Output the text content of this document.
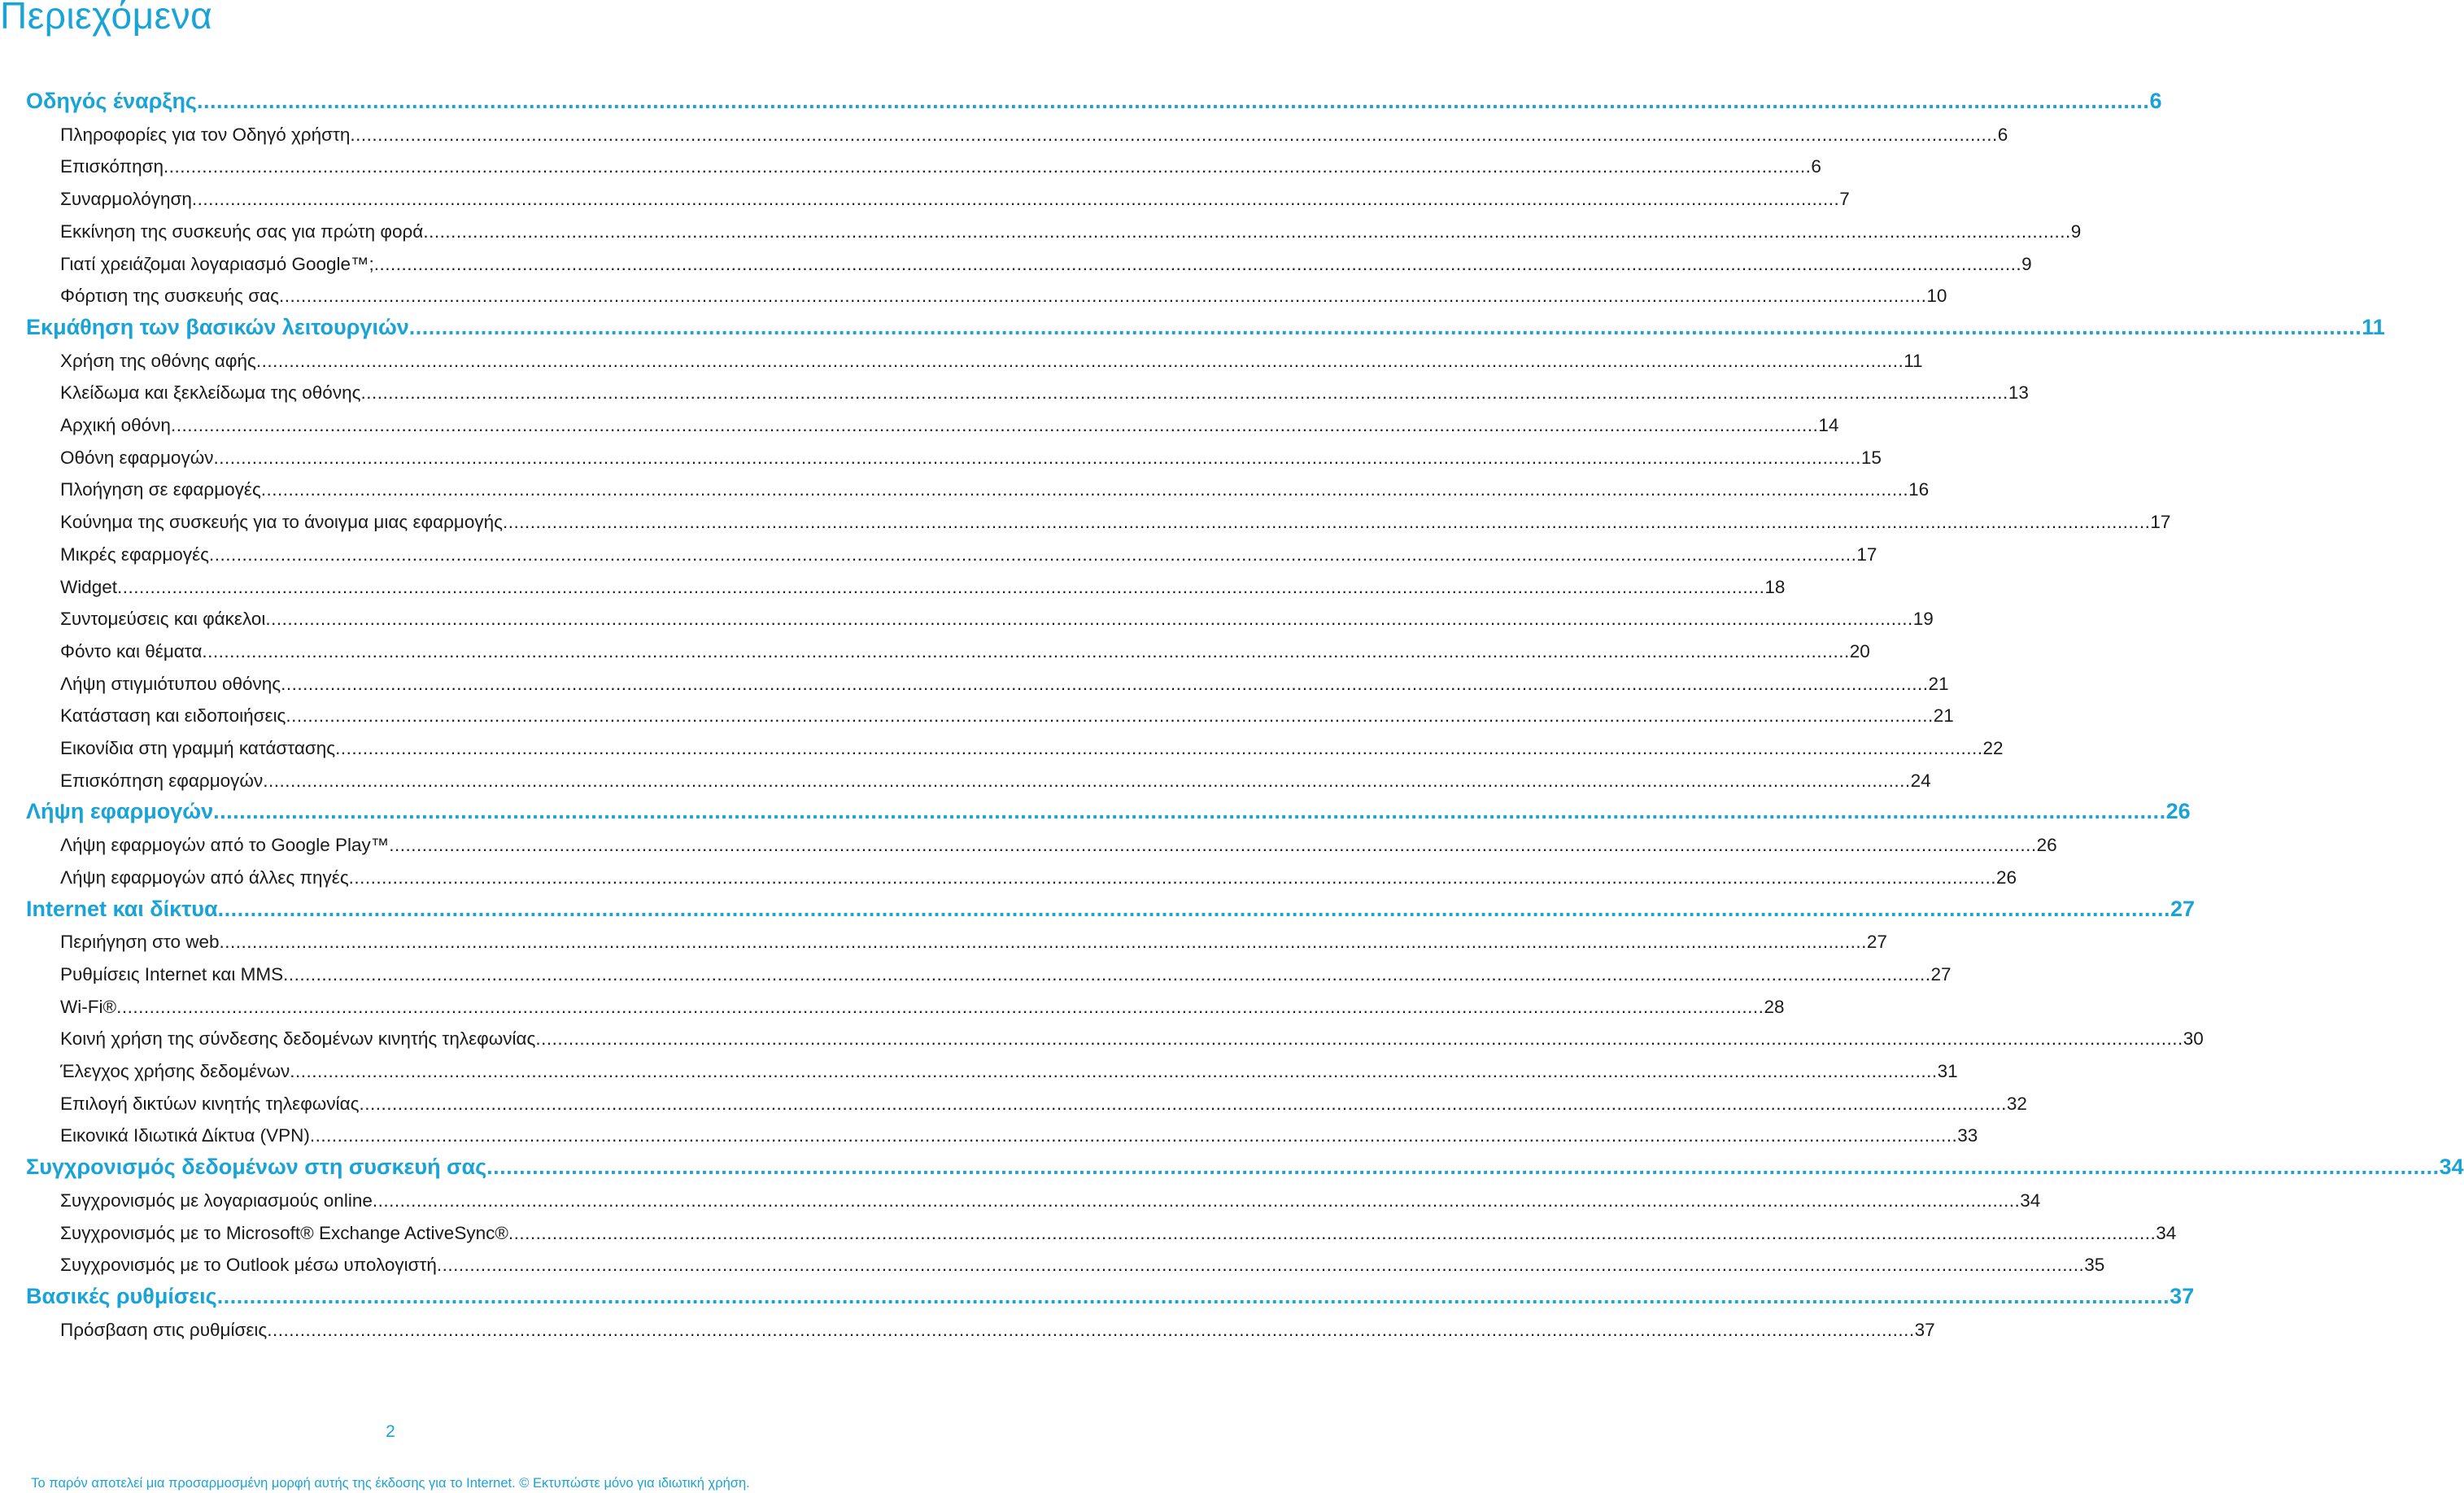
Περιεχόμενα
Οδηγός έναρξης ............................................................................................................................................................................................................................................................................................................ 6
Πληροφορίες για τον Οδηγό χρήστη ............................................................................................................................................................................................................................................................................................................ 6
Επισκόπηση ............................................................................................................................................................................................................................................................................................................ 6
Συναρμολόγηση ............................................................................................................................................................................................................................................................................................................ 7
Εκκίνηση της συσκευής σας για πρώτη φορά ............................................................................................................................................................................................................................................................................................................ 9
Γιατί χρειάζομαι λογαριασμό Google™; ............................................................................................................................................................................................................................................................................................................ 9
Φόρτιση της συσκευής σας ............................................................................................................................................................................................................................................................................................................ 10
Εκμάθηση των βασικών λειτουργιών ............................................................................................................................................................................................................................................................................................................ 11
Χρήση της οθόνης αφής ............................................................................................................................................................................................................................................................................................................ 11
Κλείδωμα και ξεκλείδωμα της οθόνης ............................................................................................................................................................................................................................................................................................................ 13
Αρχική οθόνη ............................................................................................................................................................................................................................................................................................................ 14
Οθόνη εφαρμογών ............................................................................................................................................................................................................................................................................................................ 15
Πλοήγηση σε εφαρμογές ............................................................................................................................................................................................................................................................................................................ 16
Κούνημα της συσκευής για το άνοιγμα μιας εφαρμογής ............................................................................................................................................................................................................................................................................................................ 17
Μικρές εφαρμογές ............................................................................................................................................................................................................................................................................................................ 17
Widget ............................................................................................................................................................................................................................................................................................................ 18
Συντομεύσεις και φάκελοι ............................................................................................................................................................................................................................................................................................................ 19
Φόντο και θέματα ............................................................................................................................................................................................................................................................................................................ 20
Λήψη στιγμιότυπου οθόνης ............................................................................................................................................................................................................................................................................................................ 21
Κατάσταση και ειδοποιήσεις ............................................................................................................................................................................................................................................................................................................ 21
Εικονίδια στη γραμμή κατάστασης ............................................................................................................................................................................................................................................................................................................ 22
Επισκόπηση εφαρμογών ............................................................................................................................................................................................................................................................................................................ 24
Λήψη εφαρμογών ............................................................................................................................................................................................................................................................................................................ 26
Λήψη εφαρμογών από το Google Play™ ............................................................................................................................................................................................................................................................................................................ 26
Λήψη εφαρμογών από άλλες πηγές ............................................................................................................................................................................................................................................................................................................ 26
Internet και δίκτυα ............................................................................................................................................................................................................................................................................................................ 27
Περιήγηση στο web ............................................................................................................................................................................................................................................................................................................ 27
Ρυθμίσεις Internet και MMS ............................................................................................................................................................................................................................................................................................................ 27
Wi-Fi® ............................................................................................................................................................................................................................................................................................................ 28
Κοινή χρήση της σύνδεσης δεδομένων κινητής τηλεφωνίας ............................................................................................................................................................................................................................................................................................................ 30
Έλεγχος χρήσης δεδομένων ............................................................................................................................................................................................................................................................................................................ 31
Επιλογή δικτύων κινητής τηλεφωνίας ............................................................................................................................................................................................................................................................................................................ 32
Εικονικά Ιδιωτικά Δίκτυα (VPN) ............................................................................................................................................................................................................................................................................................................ 33
Συγχρονισμός δεδομένων στη συσκευή σας ............................................................................................................................................................................................................................................................................................................ 34
Συγχρονισμός με λογαριασμούς online ............................................................................................................................................................................................................................................................................................................ 34
Συγχρονισμός με το Microsoft® Exchange ActiveSync® ............................................................................................................................................................................................................................................................................................................ 34
Συγχρονισμός με το Outlook μέσω υπολογιστή ............................................................................................................................................................................................................................................................................................................ 35
Βασικές ρυθμίσεις ............................................................................................................................................................................................................................................................................................................ 37
Πρόσβαση στις ρυθμίσεις ............................................................................................................................................................................................................................................................................................................ 37
2
Το παρόν αποτελεί μια προσαρμοσμένη μορφή αυτής της έκδοσης για το Internet. © Εκτυπώστε μόνο για ιδιωτική χρήση.
